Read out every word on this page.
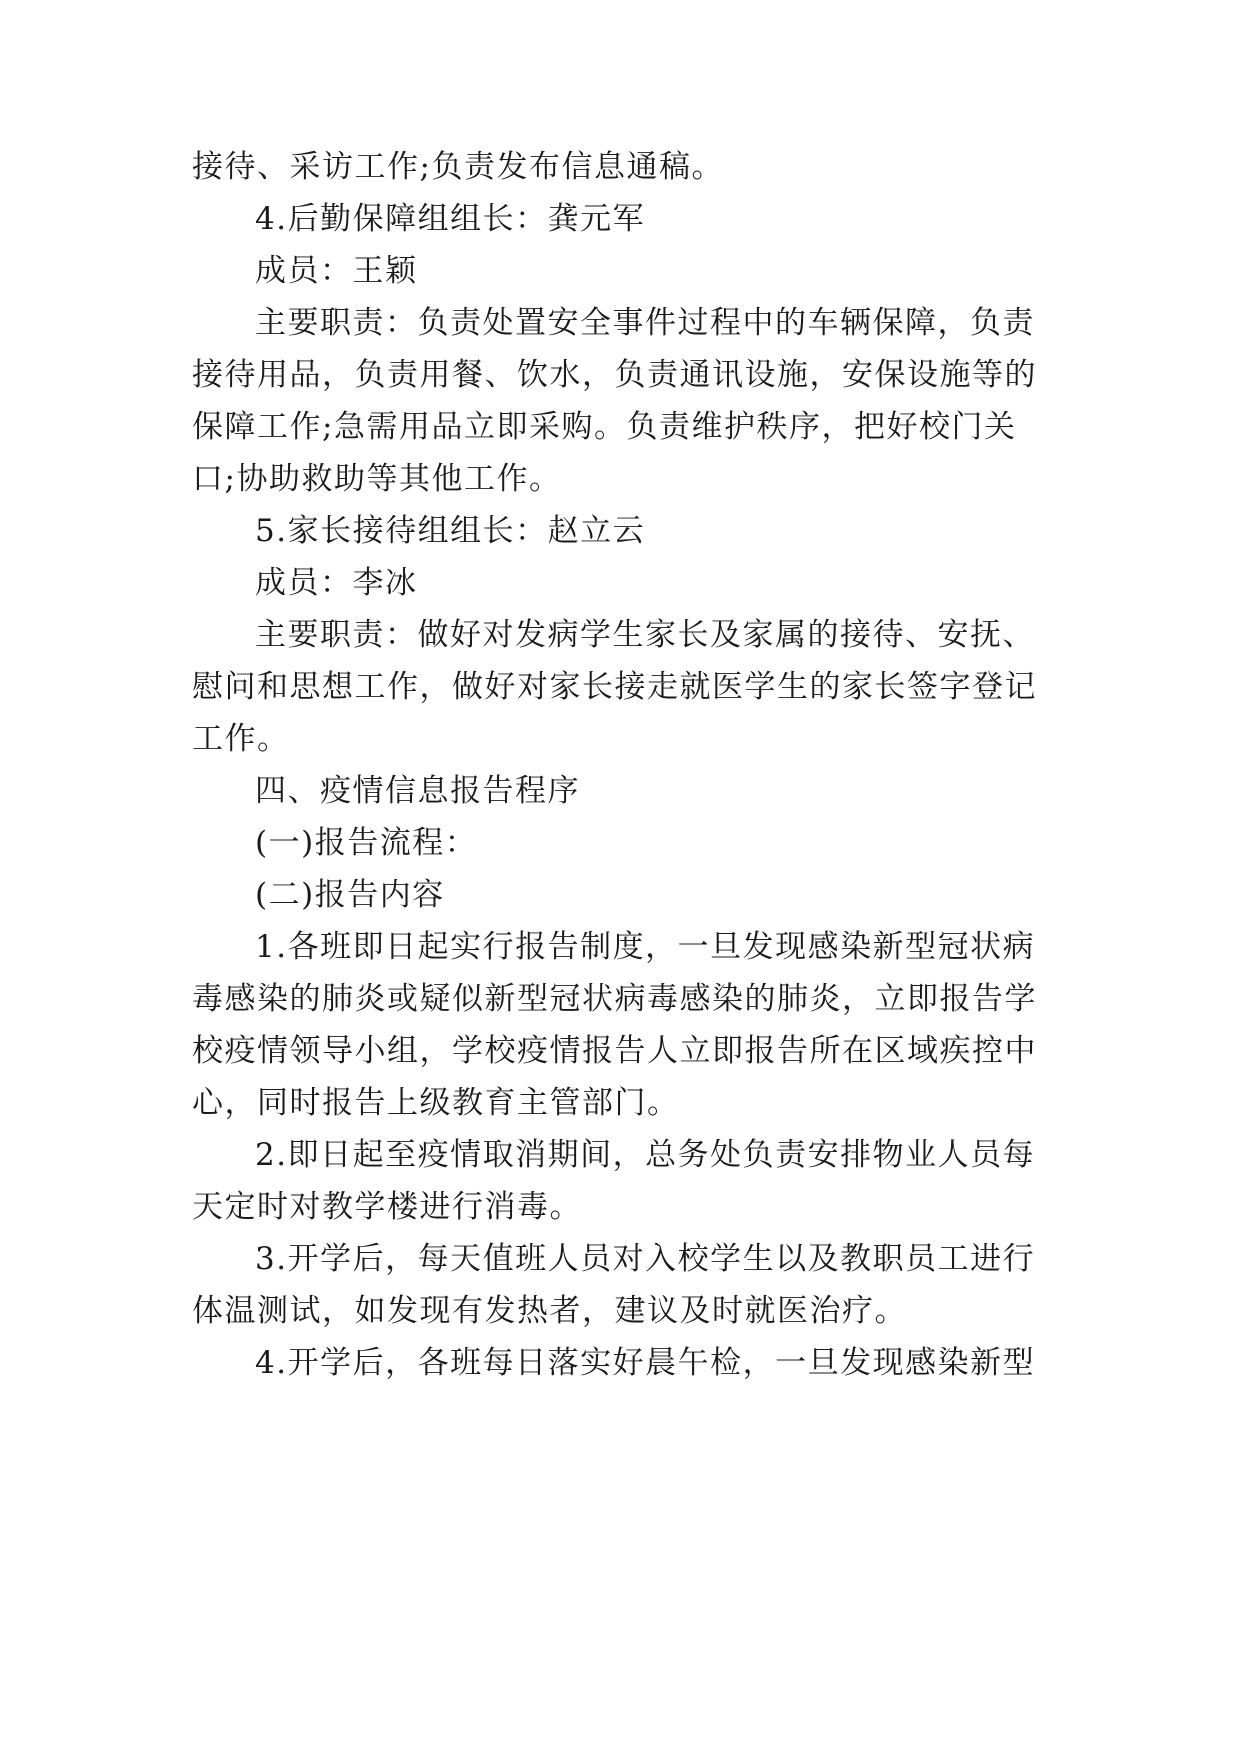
接待、采访工作;负责发布信息通稿。
4.后勤保障组组长：龚元军
成员：王颖
主要职责：负责处置安全事件过程中的车辆保障，负责
接待用品，负责用餐、饮水，负责通讯设施，安保设施等的
保障工作;急需用品立即采购。负责维护秩序，把好校门关
口;协助救助等其他工作。
5.家长接待组组长：赵立云
成员：李冰
主要职责：做好对发病学生家长及家属的接待、安抚、
慰问和思想工作，做好对家长接走就医学生的家长签字登记
工作。
四、疫情信息报告程序
(一)报告流程：
(二)报告内容
1.各班即日起实行报告制度，一旦发现感染新型冠状病
毒感染的肺炎或疑似新型冠状病毒感染的肺炎，立即报告学
校疫情领导小组，学校疫情报告人立即报告所在区域疾控中
心，同时报告上级教育主管部门。
2.即日起至疫情取消期间，总务处负责安排物业人员每
天定时对教学楼进行消毒。
3.开学后，每天值班人员对入校学生以及教职员工进行
体温测试，如发现有发热者，建议及时就医治疗。
4.开学后，各班每日落实好晨午检，一旦发现感染新型
